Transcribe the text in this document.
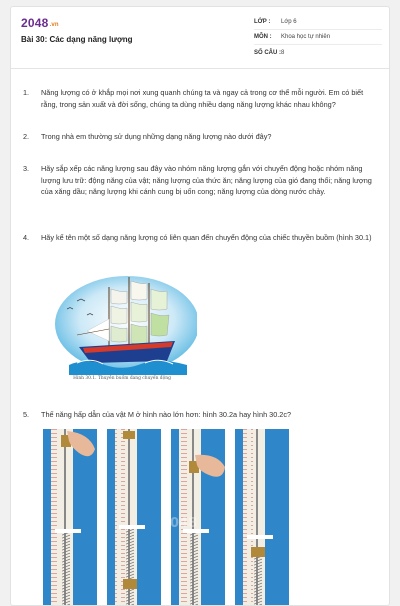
2048.vn
Bài 30: Các dạng năng lượng
LỚP :	Lớp 6
MÔN :	Khoa học tự nhiên
SỐ CÂU : 8
1.	Năng lượng có ở khắp mọi nơi xung quanh chúng ta và ngay cả trong cơ thể mỗi người. Em có biết rằng, trong sản xuất và đời sống, chúng ta dùng nhiều dạng năng lượng khác nhau không?
2.	Trong nhà em thường sử dụng những dạng năng lượng nào dưới đây?
3.	Hãy sắp xếp các năng lượng sau đây vào nhóm năng lượng gắn với chuyển động hoặc nhóm năng lượng lưu trữ: động năng của vật; năng lượng của thức ăn; năng lượng của gió đang thổi; năng lượng của xăng dầu; năng lượng khi cánh cung bị uốn cong; năng lượng của dòng nước chảy.
4.	Hãy kể tên một số dạng năng lượng có liên quan đến chuyển động của chiếc thuyền buồm (hình 30.1)
Hình 30.1. Thuyền buồm đang chuyển động
5.	Thế năng hấp dẫn của vật M ở hình nào lớn hơn: hình 30.2a hay hình 30.2c?
2048
